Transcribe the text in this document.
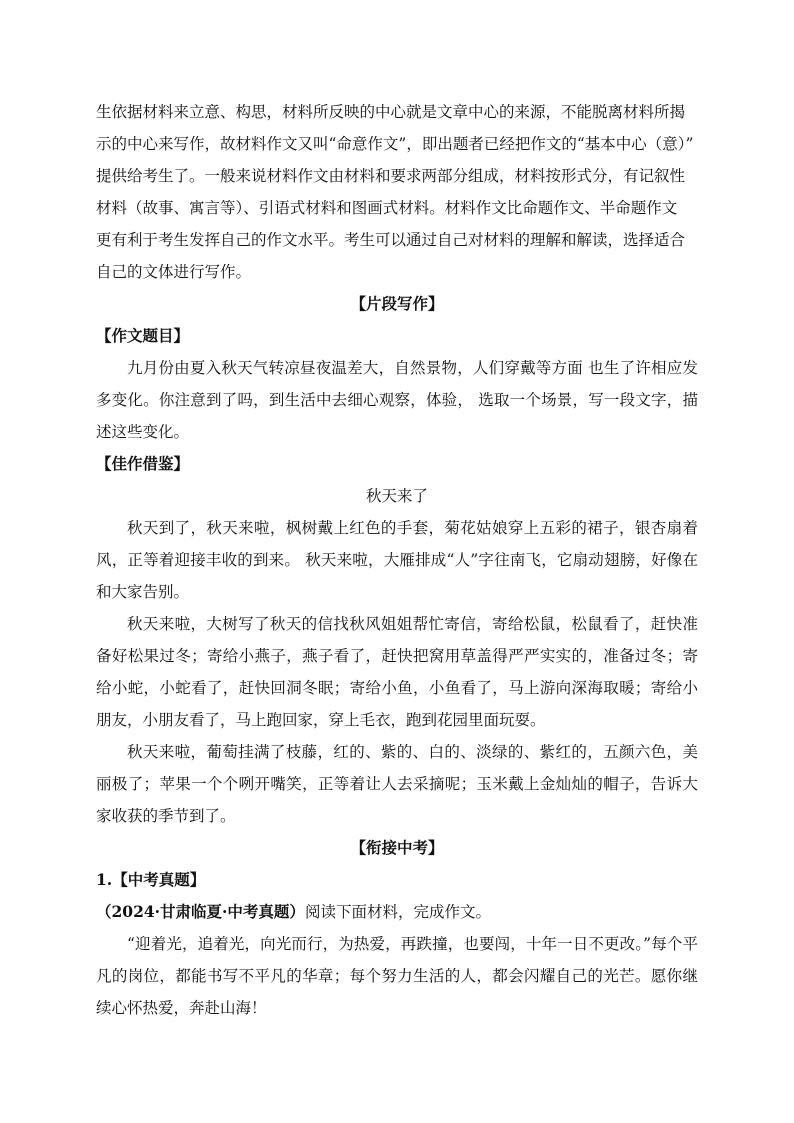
生依据材料来立意、构思，材料所反映的中心就是文章中心的来源，不能脱离材料所揭
示的中心来写作，故材料作文又叫“命意作文”，即出题者已经把作文的“基本中心（意）”
提供给考生了。一般来说材料作文由材料和要求两部分组成，材料按形式分，有记叙性
材料（故事、寓言等）、引语式材料和图画式材料。材料作文比命题作文、半命题作文
更有利于考生发挥自己的作文水平。考生可以通过自己对材料的理解和解读，选择适合
自己的文体进行写作。

【片段写作】

【作文题目】

九月份由夏入秋天气转凉昼夜温差大，自然景物，人们穿戴等方面 也生了许相应发多变化。你注意到了吗，到生活中去细心观察，体验， 选取一个场景，写一段文字，描述这些变化。

【佳作借鉴】

秋天来了

秋天到了，秋天来啦，枫树戴上红色的手套，菊花姑娘穿上五彩的裙子，银杏扇着风，正等着迎接丰收的到来。 秋天来啦，大雁排成“人”字往南飞，它扇动翅膀，好像在和大家告别。

秋天来啦，大树写了秋天的信找秋风姐姐帮忙寄信，寄给松鼠，松鼠看了，赶快准备好松果过冬；寄给小燕子，燕子看了，赶快把窝用草盖得严严实实的，准备过冬；寄给小蛇，小蛇看了，赶快回洞冬眠；寄给小鱼，小鱼看了，马上游向深海取暖；寄给小朋友，小朋友看了，马上跑回家，穿上毛衣，跑到花园里面玩耍。

秋天来啦，葡萄挂满了枝藤，红的、紫的、白的、淡绿的、紫红的，五颜六色，美丽极了；苹果一个个咧开嘴笑，正等着让人去采摘呢；玉米戴上金灿灿的帽子，告诉大家收获的季节到了。

【衔接中考】

1.【中考真题】

（2024·甘肃临夏·中考真题）阅读下面材料，完成作文。

“迎着光，追着光，向光而行，为热爱，再跌撞，也要闯，十年一日不更改。”每个平凡的岗位，都能书写不平凡的华章；每个努力生活的人，都会闪耀自己的光芒。愿你继续心怀热爱，奔赴山海！
